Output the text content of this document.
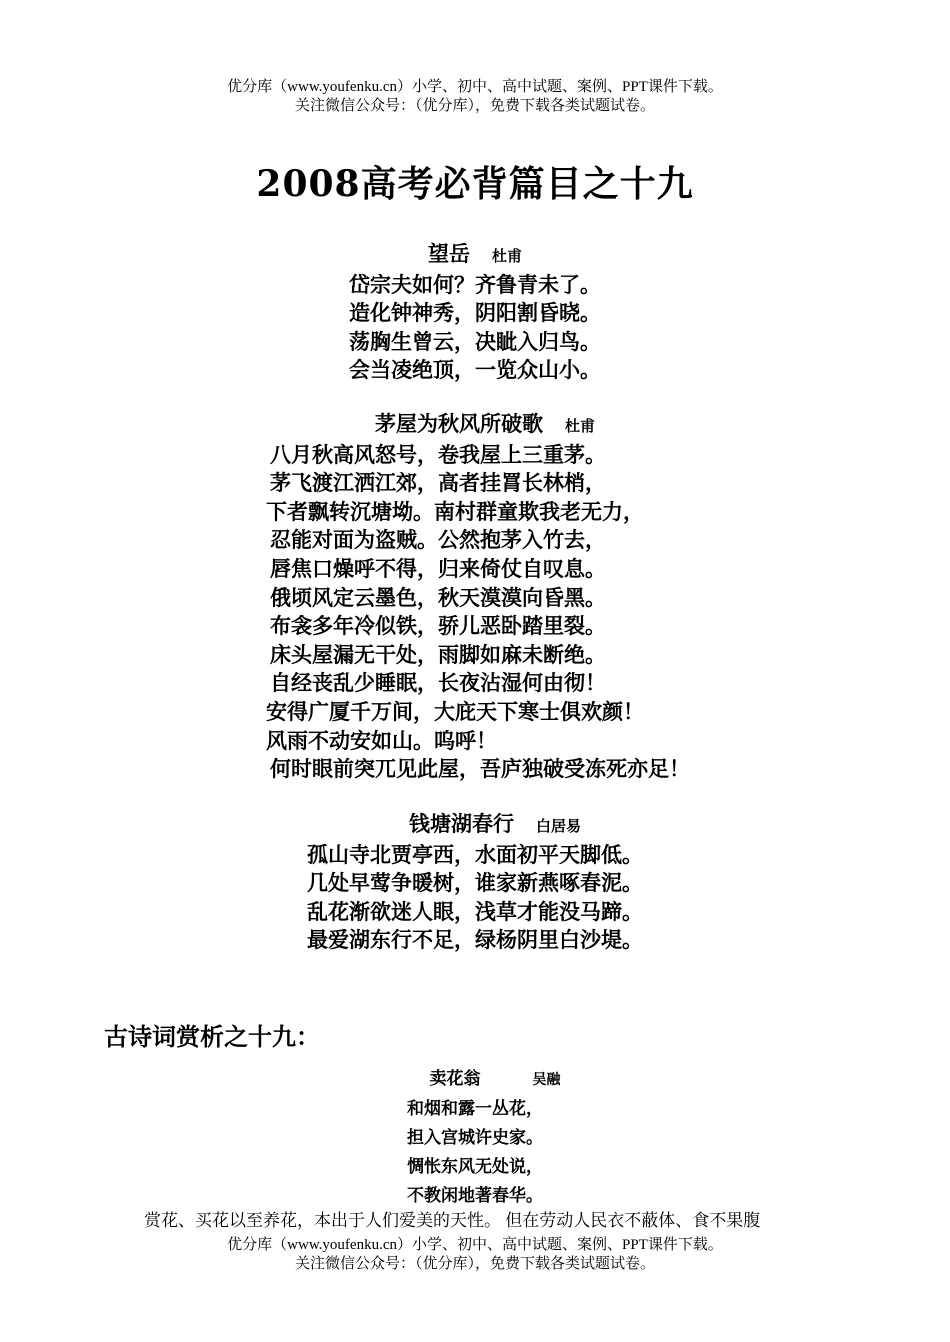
优分库（www.youfenku.cn）小学、初中、高中试题、案例、PPT课件下载。
关注微信公众号：（优分库），免费下载各类试题试卷。
2008高考必背篇目之十九
望岳 杜甫
岱宗夫如何？齐鲁青未了。
造化钟神秀，阴阳割昏晓。
荡胸生曾云，决眦入归鸟。
会当凌绝顶，一览众山小。
茅屋为秋风所破歌 杜甫
八月秋高风怒号，卷我屋上三重茅。
茅飞渡江洒江郊，高者挂罥长林梢，
下者飘转沉塘坳。南村群童欺我老无力，
忍能对面为盗贼。公然抱茅入竹去，
唇焦口燥呼不得，归来倚仗自叹息。
俄顷风定云墨色，秋天漠漠向昏黑。
布衾多年冷似铁，骄儿恶卧踏里裂。
床头屋漏无干处，雨脚如麻未断绝。
自经丧乱少睡眠，长夜沾湿何由彻！
安得广厦千万间，大庇天下寒士俱欢颜！
风雨不动安如山。呜呼！
何时眼前突兀见此屋，吾庐独破受冻死亦足！
钱塘湖春行 白居易
孤山寺北贾亭西，水面初平天脚低。
几处早莺争暖树，谁家新燕啄春泥。
乱花渐欲迷人眼，浅草才能没马蹄。
最爱湖东行不足，绿杨阴里白沙堤。
古诗词赏析之十九：
卖花翁	吴融
和烟和露一丛花，
担入宫城许史家。
惆怅东风无处说，
不教闲地著春华。
赏花、买花以至养花，本出于人们爱美的天性。 但在劳动人民衣不蔽体、食不果腹
优分库（www.youfenku.cn）小学、初中、高中试题、案例、PPT课件下载。
关注微信公众号：（优分库），免费下载各类试题试卷。
